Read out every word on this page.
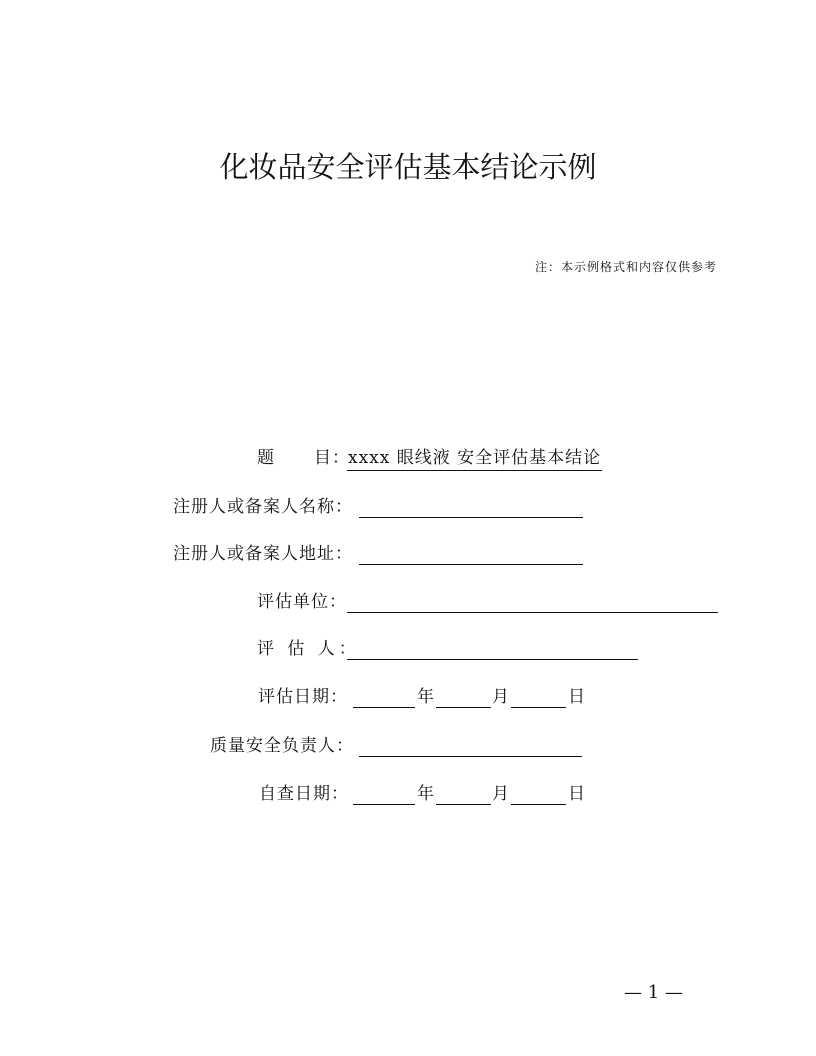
化妆品安全评估基本结论示例
注：本示例格式和内容仅供参考
题 目：
xxxx 眼线液 安全评估基本结论
注册人或备案人名称：
注册人或备案人地址：
评估单位：
评 估 人：
评估日期：	年	月	日
质量安全负责人：
自查日期：	年	月	日
— 1 —
